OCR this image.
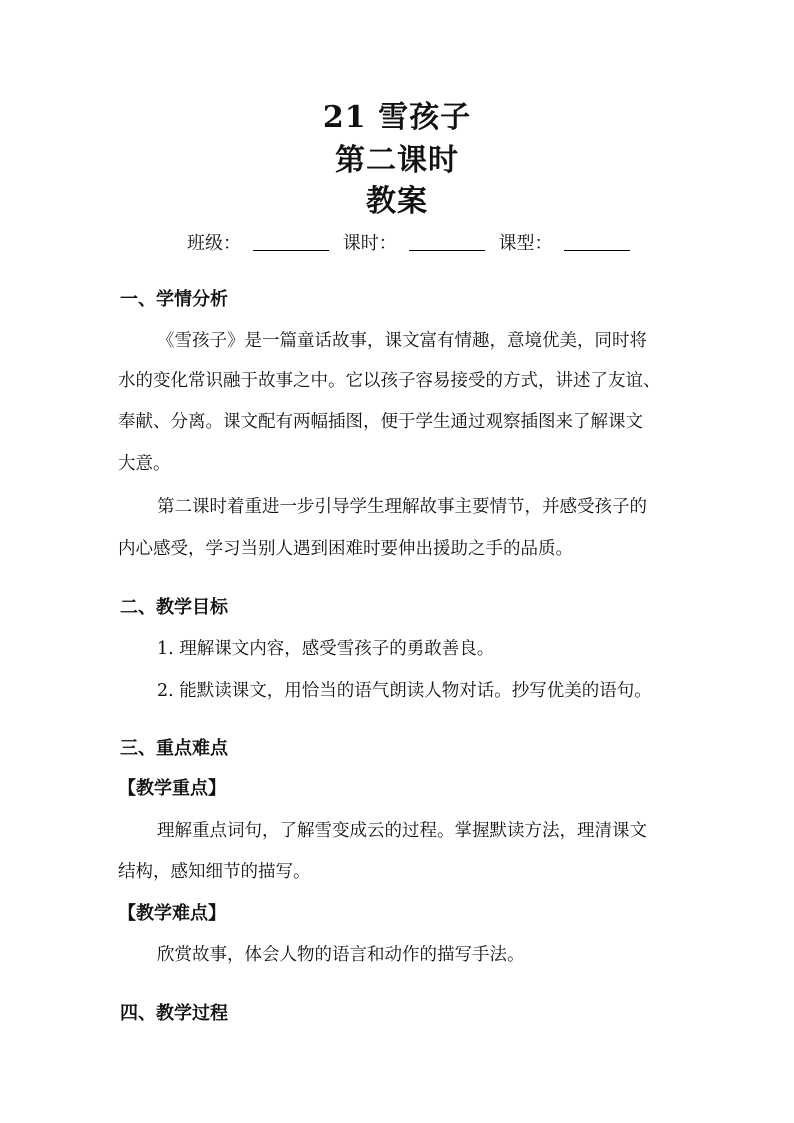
21 雪孩子
第二课时
教案
班级：	课时：	课型：
一、学情分析
《雪孩子》是一篇童话故事，课文富有情趣，意境优美，同时将
水的变化常识融于故事之中。它以孩子容易接受的方式，讲述了友谊、
奉献、分离。课文配有两幅插图，便于学生通过观察插图来了解课文
大意。
第二课时着重进一步引导学生理解故事主要情节，并感受孩子的
内心感受，学习当别人遇到困难时要伸出援助之手的品质。
二、教学目标
1. 理解课文内容，感受雪孩子的勇敢善良。
2. 能默读课文，用恰当的语气朗读人物对话。抄写优美的语句。
三、重点难点
【教学重点】
理解重点词句，了解雪变成云的过程。掌握默读方法，理清课文
结构，感知细节的描写。
【教学难点】
欣赏故事，体会人物的语言和动作的描写手法。
四、教学过程
